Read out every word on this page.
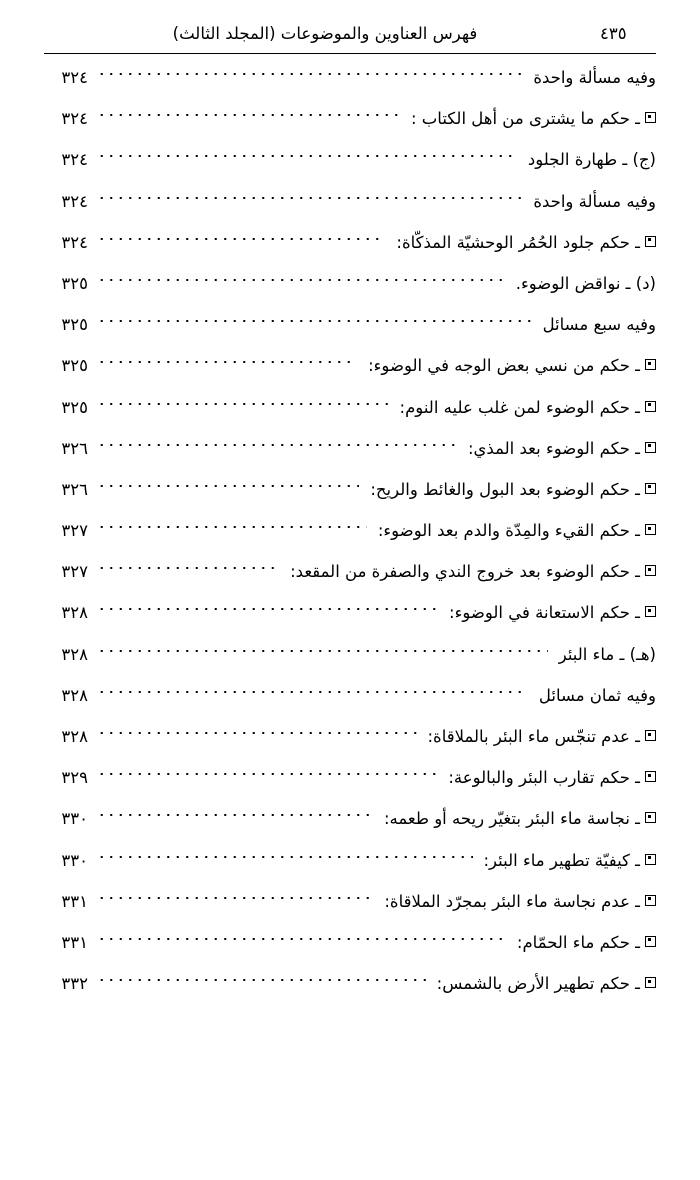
فهرس العناوين والموضوعات (المجلد الثالث)	٤٣٥
وفيه مسألة واحدة
٣٢٤
ـ حكم ما يشترى من أهل الكتاب :
٣٢٤
(ج) ـ طهارة الجلود
٣٢٤
وفيه مسألة واحدة
٣٢٤
ـ حكم جلود الحُمُر الوحشيّة المذكّاة:
٣٢٤
(د) ـ نواقض الوضوء.
٣٢٥
وفيه سبع مسائل
٣٢٥
ـ حكم من نسي بعض الوجه في الوضوء:
٣٢٥
ـ حكم الوضوء لمن غلب عليه النوم:
٣٢٥
ـ حكم الوضوء بعد المذي:
٣٢٦
ـ حكم الوضوء بعد البول والغائط والريح:
٣٢٦
ـ حكم القيء والمِدّة والدم بعد الوضوء:
٣٢٧
ـ حكم الوضوء بعد خروج الندي والصفرة من المقعد:
٣٢٧
ـ حكم الاستعانة في الوضوء:
٣٢٨
(هـ) ـ ماء البئر
٣٢٨
وفيه ثمان مسائل
٣٢٨
ـ عدم تنجّس ماء البئر بالملاقاة:
٣٢٨
ـ حكم تقارب البئر والبالوعة:
٣٢٩
ـ نجاسة ماء البئر بتغيّر ريحه أو طعمه:
٣٣٠
ـ كيفيّة تطهير ماء البئر:
٣٣٠
ـ عدم نجاسة ماء البئر بمجرّد الملاقاة:
٣٣١
ـ حكم ماء الحمّام:
٣٣١
ـ حكم تطهير الأرض بالشمس:
٣٣٢
